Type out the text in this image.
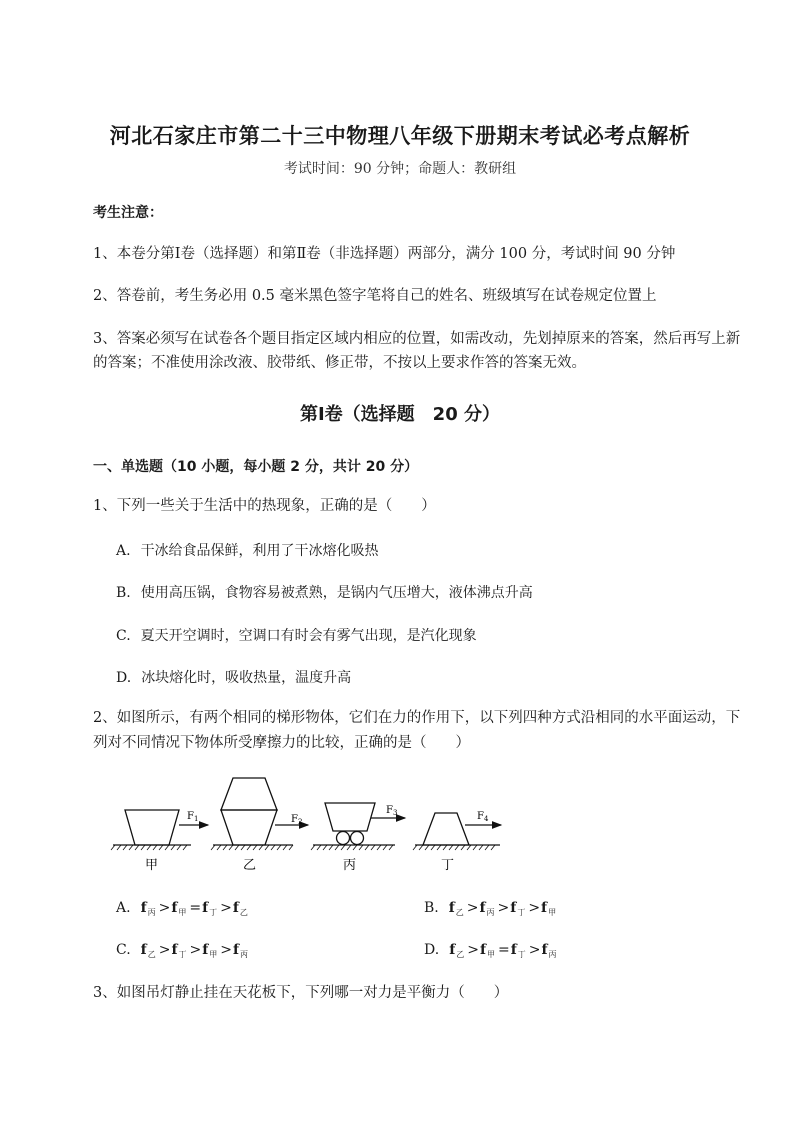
河北石家庄市第二十三中物理八年级下册期末考试必考点解析
考试时间：90 分钟；命题人：教研组
考生注意：
1、本卷分第Ⅰ卷（选择题）和第Ⅱ卷（非选择题）两部分，满分 100 分，考试时间 90 分钟
2、答卷前，考生务必用 0.5 毫米黑色签字笔将自己的姓名、班级填写在试卷规定位置上
3、答案必须写在试卷各个题目指定区域内相应的位置，如需改动，先划掉原来的答案，然后再写上新
的答案；不准使用涂改液、胶带纸、修正带，不按以上要求作答的答案无效。
第Ⅰ卷（选择题　20 分）
一、单选题（10 小题，每小题 2 分，共计 20 分）
1、下列一些关于生活中的热现象，正确的是（　　）
A. 干冰给食品保鲜，利用了干冰熔化吸热
B. 使用高压锅，食物容易被煮熟，是锅内气压增大，液体沸点升高
C. 夏天开空调时，空调口有时会有雾气出现，是汽化现象
D. 冰块熔化时，吸收热量，温度升高
2、如图所示，有两个相同的梯形物体，它们在力的作用下，以下列四种方式沿相同的水平面运动，下
列对不同情况下物体所受摩擦力的比较，正确的是（　　）
$F_1$	$F_2$
$F_3$	$F_4$
甲	乙	丙	丁
A. $f_丙 >f_甲 =f_丁 >f_乙$	B. $f_乙 >f_丙 >f_丁 >f_甲$
C. $f_乙 >f_丁 >f_甲 >f_丙$	D. $f_乙 >f_甲 =f_丁 >f_丙$
3、如图吊灯静止挂在天花板下，下列哪一对力是平衡力（　　）
